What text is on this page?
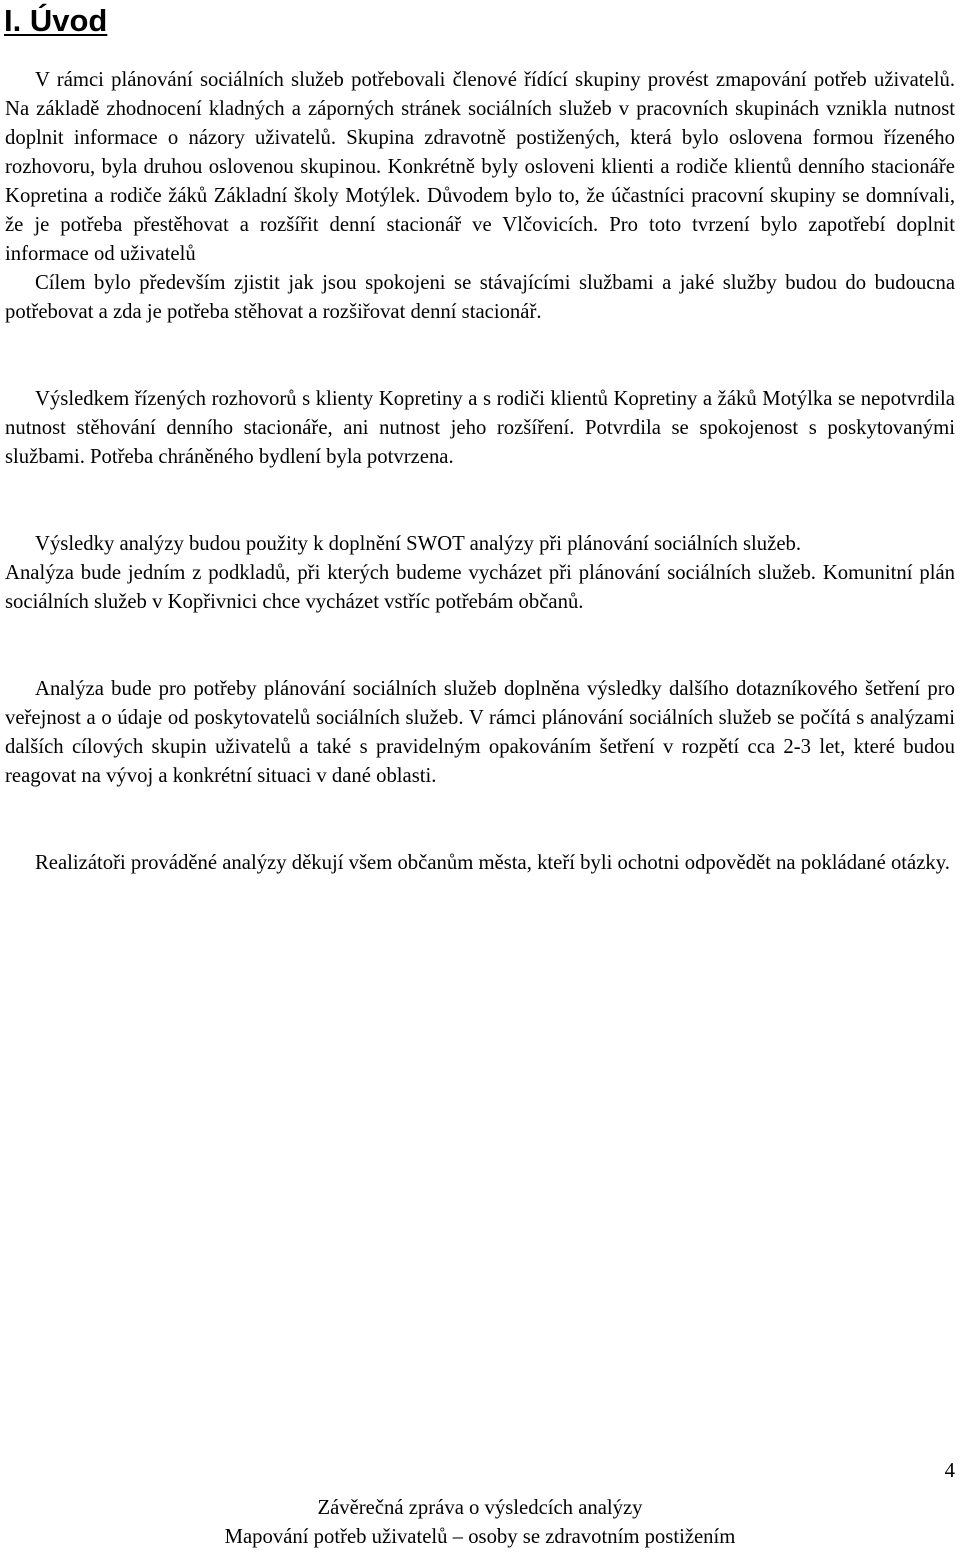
I. Úvod

V rámci plánování sociálních služeb potřebovali členové řídící skupiny provést zmapování potřeb uživatelů. Na základě zhodnocení kladných a záporných stránek sociálních služeb v pracovních skupinách vznikla nutnost doplnit informace o názory uživatelů. Skupina zdravotně postižených, která bylo oslovena formou řízeného rozhovoru, byla druhou oslovenou skupinou. Konkrétně byly osloveni klienti a rodiče klientů denního stacionáře Kopretina a rodiče žáků Základní školy Motýlek. Důvodem bylo to, že účastníci pracovní skupiny se domnívali, že je potřeba přestěhovat a rozšířit denní stacionář ve Vlčovicích. Pro toto tvrzení bylo zapotřebí doplnit informace od uživatelů

Cílem bylo především zjistit jak jsou spokojeni se stávajícími službami a jaké služby budou do budoucna potřebovat a zda je potřeba stěhovat a rozšiřovat denní stacionář.

Výsledkem řízených rozhovorů s klienty Kopretiny a s rodiči klientů Kopretiny a žáků Motýlka se nepotvrdila nutnost stěhování denního stacionáře, ani nutnost jeho rozšíření. Potvrdila se spokojenost s poskytovanými službami. Potřeba chráněného bydlení byla potvrzena.

Výsledky analýzy budou použity k doplnění SWOT analýzy při plánování sociálních služeb.

Analýza bude jedním z podkladů, při kterých budeme vycházet při plánování sociálních služeb. Komunitní plán sociálních služeb v Kopřivnici chce vycházet vstříc potřebám občanů.

Analýza bude pro potřeby plánování sociálních služeb doplněna výsledky dalšího dotazníkového šetření pro veřejnost a o údaje od poskytovatelů sociálních služeb. V rámci plánování sociálních služeb se počítá s analýzami dalších cílových skupin uživatelů a také s pravidelným opakováním šetření v rozpětí cca 2-3 let, které budou reagovat na vývoj a konkrétní situaci v dané oblasti.

Realizátoři prováděné analýzy děkují všem občanům města, kteří byli ochotni odpovědět na pokládané otázky.

4
Závěrečná zpráva o výsledcích analýzy
Mapování potřeb uživatelů – osoby se zdravotním postižením
